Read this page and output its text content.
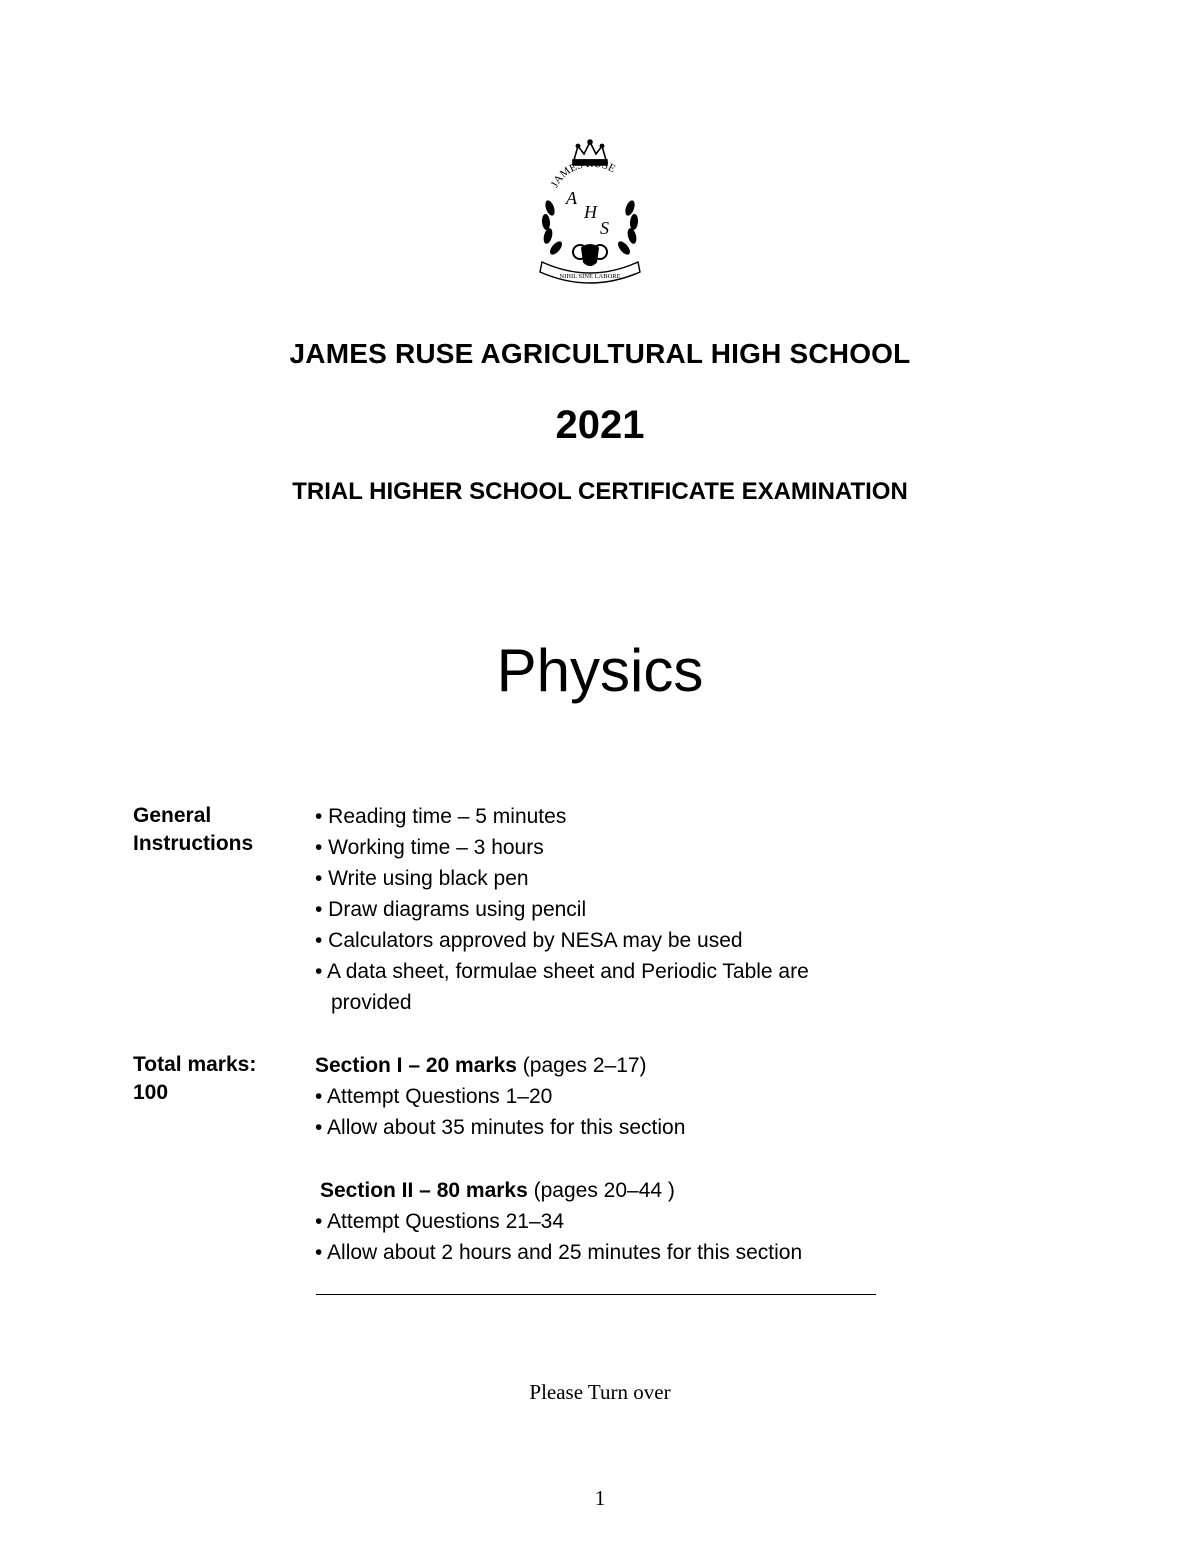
JAMES RUSE
A
H
S
NIHIL SINE LABORE
JAMES RUSE AGRICULTURAL HIGH SCHOOL
2021
TRIAL HIGHER SCHOOL CERTIFICATE EXAMINATION
Physics
General
Instructions
• Reading time – 5 minutes
• Working time – 3 hours
• Write using black pen
• Draw diagrams using pencil
• Calculators approved by NESA may be used
• A data sheet, formulae sheet and Periodic Table are
provided
Total marks:
100
Section I – 20 marks (pages 2–17)
• Attempt Questions 1–20
• Allow about 35 minutes for this section
Section II – 80 marks (pages 20–44 )
• Attempt Questions 21–34
• Allow about 2 hours and 25 minutes for this section
Please Turn over
1
